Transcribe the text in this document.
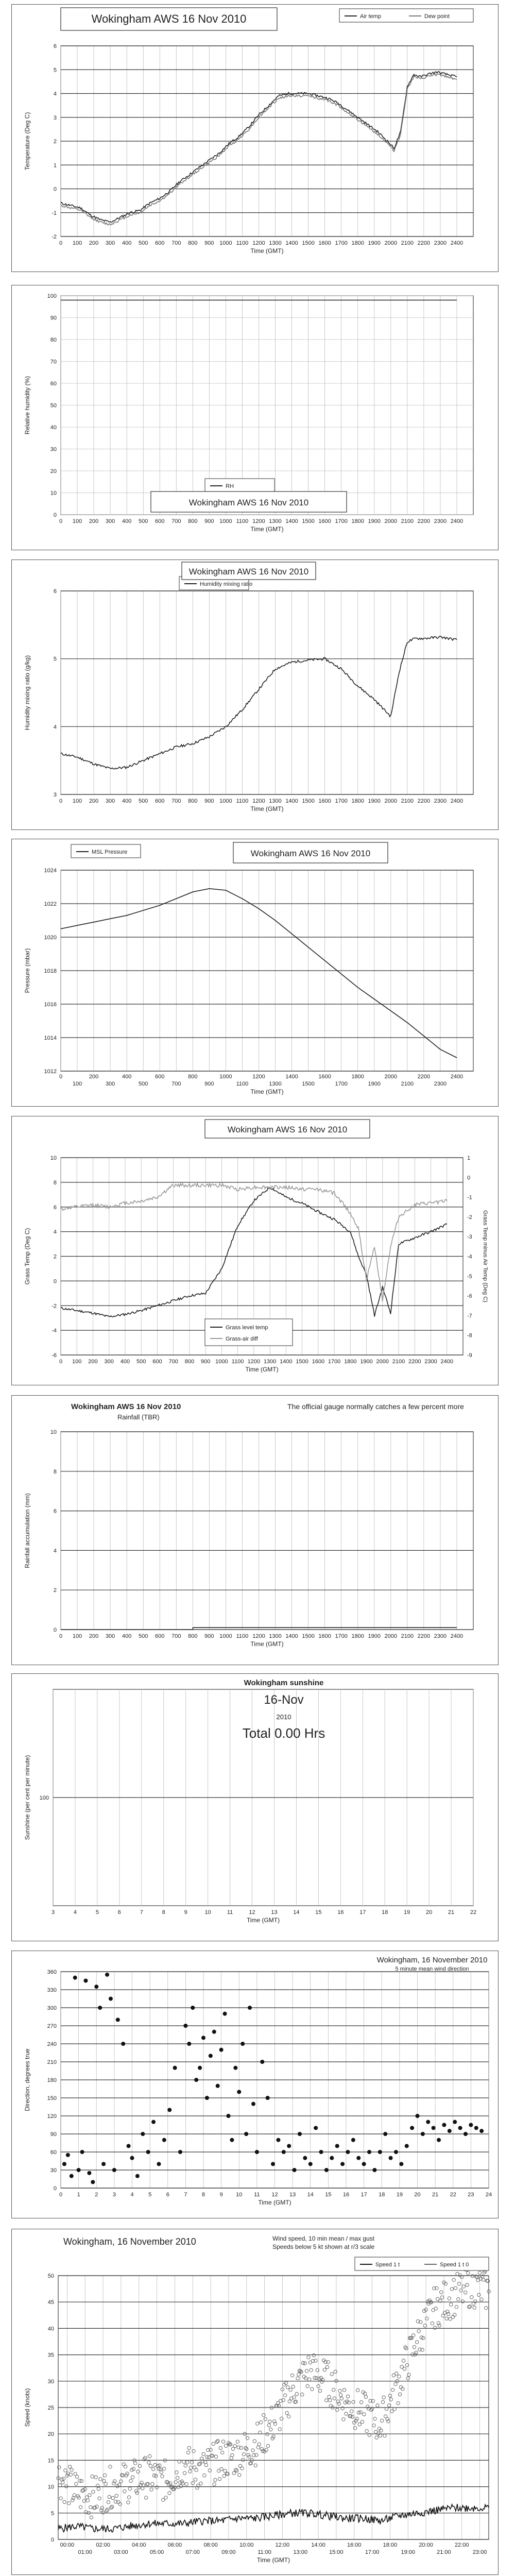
0 100 200 300 400 500 600 700 800 900 1000 1100 1200 1300 1400 1500 1600 1700 1800 1900 2000 2100 2200 2300 2400
-2
-1
0
1
2
3
4
5
6
Time (GMT)
Temperature (Deg C)
Air temp	Dew point
Wokingham AWS 16 Nov 2010
0 100 200 300 400 500 600 700 800 900 1000 1100 1200 1300 1400 1500 1600 1700 1800 1900 2000 2100 2200 2300 2400
0
10
20
30
40
50
60
70
80
90
100
Time (GMT)
Relative humidity (%)
RH
Wokingham AWS 16 Nov 2010
0 100 200 300 400 500 600 700 800 900 1000 1100 1200 1300 1400 1500 1600 1700 1800 1900 2000 2100 2200 2300 2400
3
4
5
6
Time (GMT)
Humidity mixing ratio (g/kg)
Humidity mixing ratio
Wokingham AWS 16 Nov 2010
0
100
200
300
400
500
600
700
800
900
1000
1100
1200
1300
1400
1500
1600
1700
1800
1900
2000
2100
2200
2300
2400
1012
1014
1016
1018
1020
1022
1024
Time (GMT)
Pressure (mbar)
MSL Pressure	Wokingham AWS 16 Nov 2010
0 100 200 300 400 500 600 700 800 900 1000 1100 1200 1300 1400 1500 1600 1700 1800 1900 2000 2100 2200 2300 2400
-6
-4
-2
0
2
4
6
8
10
-9
-8
-7
-6
-5
-4
-3
-2
-1
0
1
Grass Temp minus Air Temp (Deg C)
Time (GMT)
Grass Temp (Deg C)
Grass level temp
Grass-air diff
Wokingham AWS 16 Nov 2010
0 100 200 300 400 500 600 700 800 900 1000 1100 1200 1300 1400 1500 1600 1700 1800 1900 2000 2100 2200 2300 2400
0
2
4
6
8
10
Time (GMT)
Rainfall accumulation (mm)
Wokingham AWS 16 Nov 2010
Rainfall (TBR)
The official gauge normally catches a few percent more
3	4	5	6	7	8	9	10	11	12	13	14	15	16	17	18	19	20	21	22
100
Time (GMT)
Sunshine (per cent per minute)
Wokingham sunshine
16-Nov
2010
Total 0.00 Hrs
0	1	2	3	4	5	6	7	8	9 10 11 12 13 14 15 16 17 18 19 20 21 22 23 24
0
30
60
90
120
150
180
210
240
270
300
330
360
Time (GMT)
Direction, degrees true
Wokingham, 16 November 2010
5 minute mean wind direction
00:00
01:00
02:00
03:00
04:00
05:00
06:00
07:00
08:00
09:00
10:00
11:00
12:00
13:00
14:00
15:00
16:00
17:00
18:00
19:00
20:00
21:00
22:00
23:00
0
5
10
15
20
25
30
35
40
45
50
Time (GMT)
Speed (knots)
Speed 1 t	Speed 1 t 0
Wokingham, 16 November 2010	Wind speed, 10 min mean / max gust
Speeds below 5 kt shown at r/3 scale
